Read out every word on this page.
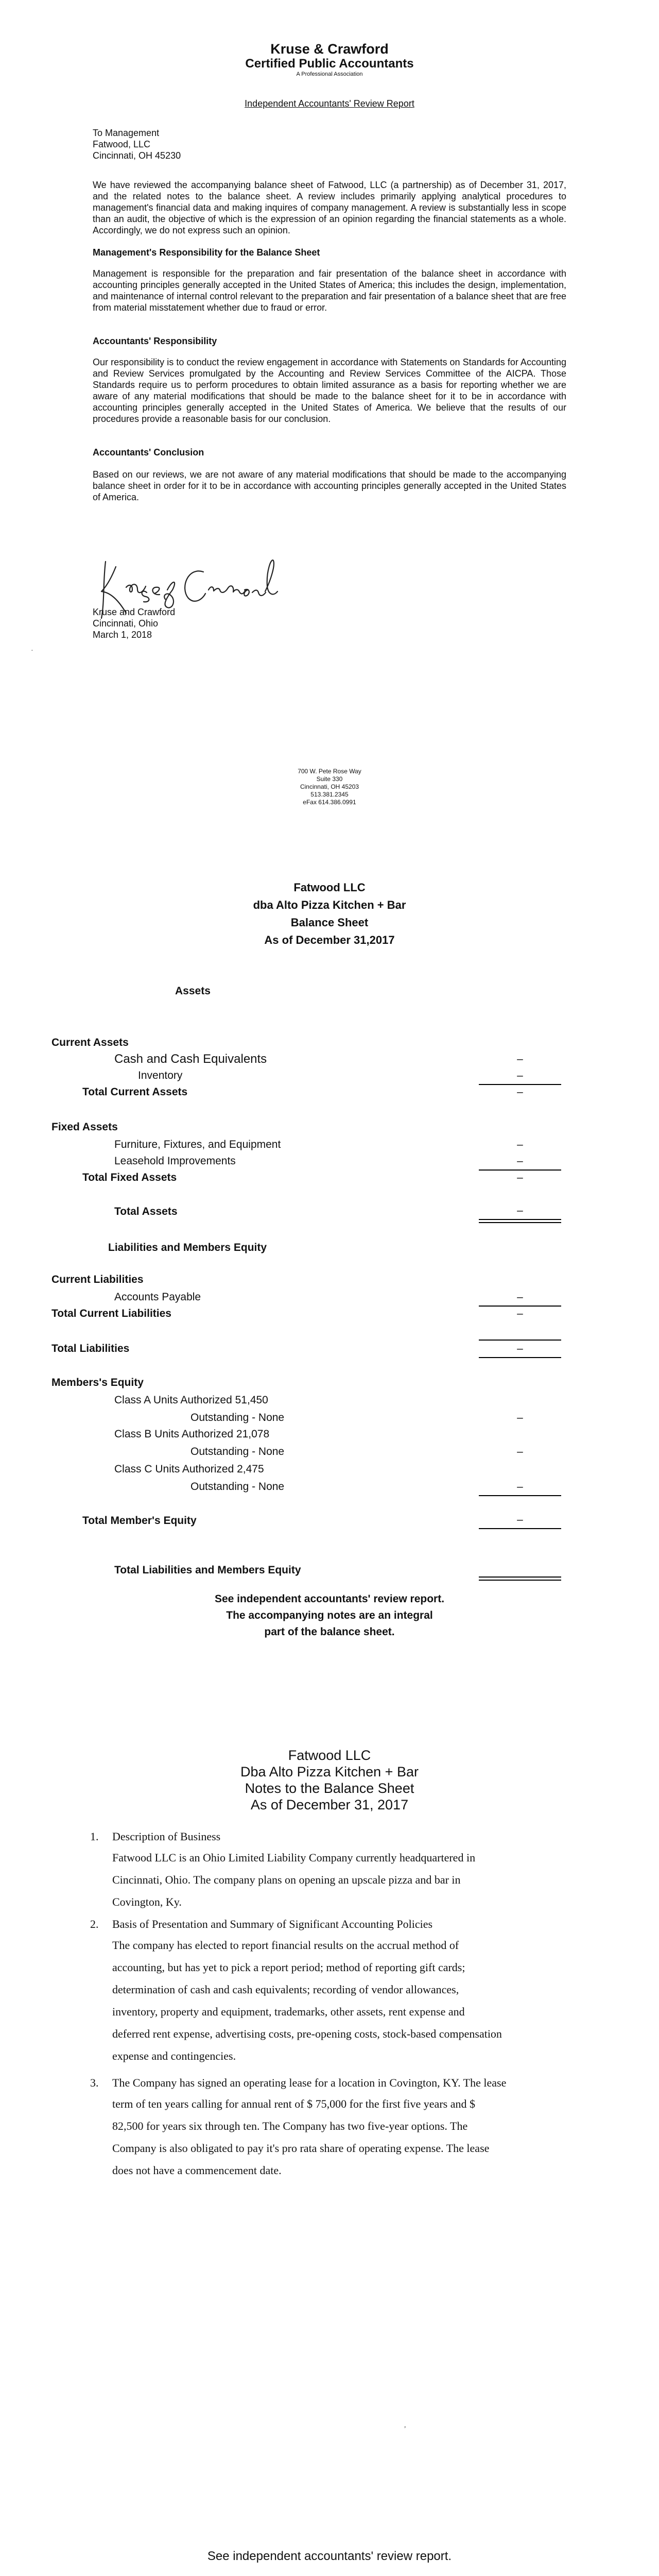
Kruse & Crawford
Certified Public Accountants
A Professional Association
Independent Accountants' Review Report
To Management
Fatwood, LLC
Cincinnati, OH 45230
We have reviewed the accompanying balance sheet of Fatwood, LLC (a partnership) as of December 31, 2017, and the related notes to the balance sheet. A review includes primarily applying analytical procedures to management's financial data and making inquires of company management. A review is substantially less in scope than an audit, the objective of which is the expression of an opinion regarding the financial statements as a whole. Accordingly, we do not express such an opinion.
Management's Responsibility for the Balance Sheet
Management is responsible for the preparation and fair presentation of the balance sheet in accordance with accounting principles generally accepted in the United States of America; this includes the design, implementation, and maintenance of internal control relevant to the preparation and fair presentation of a balance sheet that are free from material misstatement whether due to fraud or error.
Accountants' Responsibility
Our responsibility is to conduct the review engagement in accordance with Statements on Standards for Accounting and Review Services promulgated by the Accounting and Review Services Committee of the AICPA. Those Standards require us to perform procedures to obtain limited assurance as a basis for reporting whether we are aware of any material modifications that should be made to the balance sheet for it to be in accordance with accounting principles generally accepted in the United States of America. We believe that the results of our procedures provide a reasonable basis for our conclusion.
Accountants' Conclusion
Based on our reviews, we are not aware of any material modifications that should be made to the accompanying balance sheet in order for it to be in accordance with accounting principles generally accepted in the United States of America.
Kruse and Crawford
Cincinnati, Ohio
March 1, 2018
·
700 W. Pete Rose Way
Suite 330
Cincinnati, OH 45203
513.381.2345
eFax 614.386.0991
Fatwood LLC
dba Alto Pizza Kitchen + Bar
Balance Sheet
As of December 31,2017
Assets
Current Assets
Cash and Cash Equivalents	–
Inventory	–
Total Current Assets	–
Fixed Assets
Furniture, Fixtures, and Equipment	–
Leasehold Improvements	–
Total Fixed Assets	–
Total Assets	–
Liabilities and Members Equity
Current Liabilities
Accounts Payable	–
Total Current Liabilities	–
Total Liabilities	–
Members's Equity
Class A Units Authorized 51,450
Outstanding - None	–
Class B Units Authorized 21,078
Outstanding - None	–
Class C Units Authorized 2,475
Outstanding - None	–
Total Member's Equity	–
Total Liabilities and Members Equity
See independent accountants' review report.
The accompanying notes are an integral
part of the balance sheet.
Fatwood LLC
Dba Alto Pizza Kitchen + Bar
Notes to the Balance Sheet
As of December 31, 2017
1. Description of Business
Fatwood LLC is an Ohio Limited Liability Company currently headquartered in
Cincinnati, Ohio. The company plans on opening an upscale pizza and bar in
Covington, Ky.
2. Basis of Presentation and Summary of Significant Accounting Policies
The company has elected to report financial results on the accrual method of
accounting, but has yet to pick a report period; method of reporting gift cards;
determination of cash and cash equivalents; recording of vendor allowances,
inventory, property and equipment, trademarks, other assets, rent expense and
deferred rent expense, advertising costs, pre-opening costs, stock-based compensation
expense and contingencies.
3. The Company has signed an operating lease for a location in Covington, KY. The lease
term of ten years calling for annual rent of $ 75,000 for the first five years and $
82,500 for years six through ten. The Company has two five-year options. The
Company is also obligated to pay it's pro rata share of operating expense. The lease
does not have a commencement date.
,
See independent accountants' review report.
